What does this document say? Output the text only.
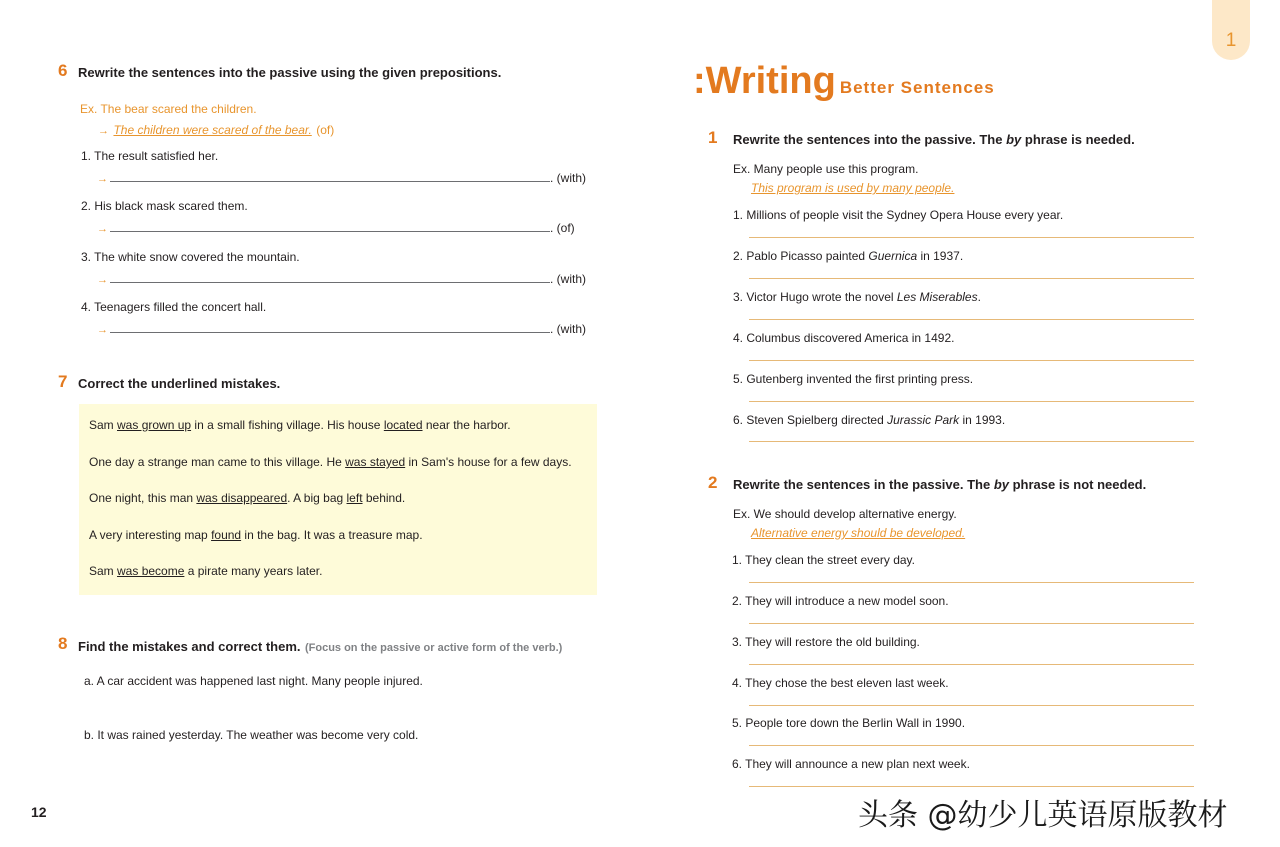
6 Rewrite the sentences into the passive using the given prepositions.
Ex. The bear scared the children.
→ The children were scared of the bear. (of)
1. The result satisfied her.
→	. (with)
2. His black mask scared them.
→	. (of)
3. The white snow covered the mountain.
→	. (with)
4. Teenagers filled the concert hall.
→	. (with)
7 Correct the underlined mistakes.
Sam was grown up in a small fishing village. His house located near the harbor.
One day a strange man came to this village. He was stayed in Sam's house for a few days.
One night, this man was disappeared. A big bag left behind.
A very interesting map found in the bag. It was a treasure map.
Sam was become a pirate many years later.
8 Find the mistakes and correct them. (Focus on the passive or active form of the verb.)
a. A car accident was happened last night. Many people injured.
b. It was rained yesterday. The weather was become very cold.
12
1
:Writing Better Sentences
1 Rewrite the sentences into the passive. The by phrase is needed.
Ex. Many people use this program.
This program is used by many people.
1. Millions of people visit the Sydney Opera House every year.
2. Pablo Picasso painted Guernica in 1937.
3. Victor Hugo wrote the novel Les Miserables.
4. Columbus discovered America in 1492.
5. Gutenberg invented the first printing press.
6. Steven Spielberg directed Jurassic Park in 1993.
2 Rewrite the sentences in the passive. The by phrase is not needed.
Ex. We should develop alternative energy.
Alternative energy should be developed.
1. They clean the street every day.
2. They will introduce a new model soon.
3. They will restore the old building.
4. They chose the best eleven last week.
5. People tore down the Berlin Wall in 1990.
6. They will announce a new plan next week.
头条 @幼少儿英语原版教材
